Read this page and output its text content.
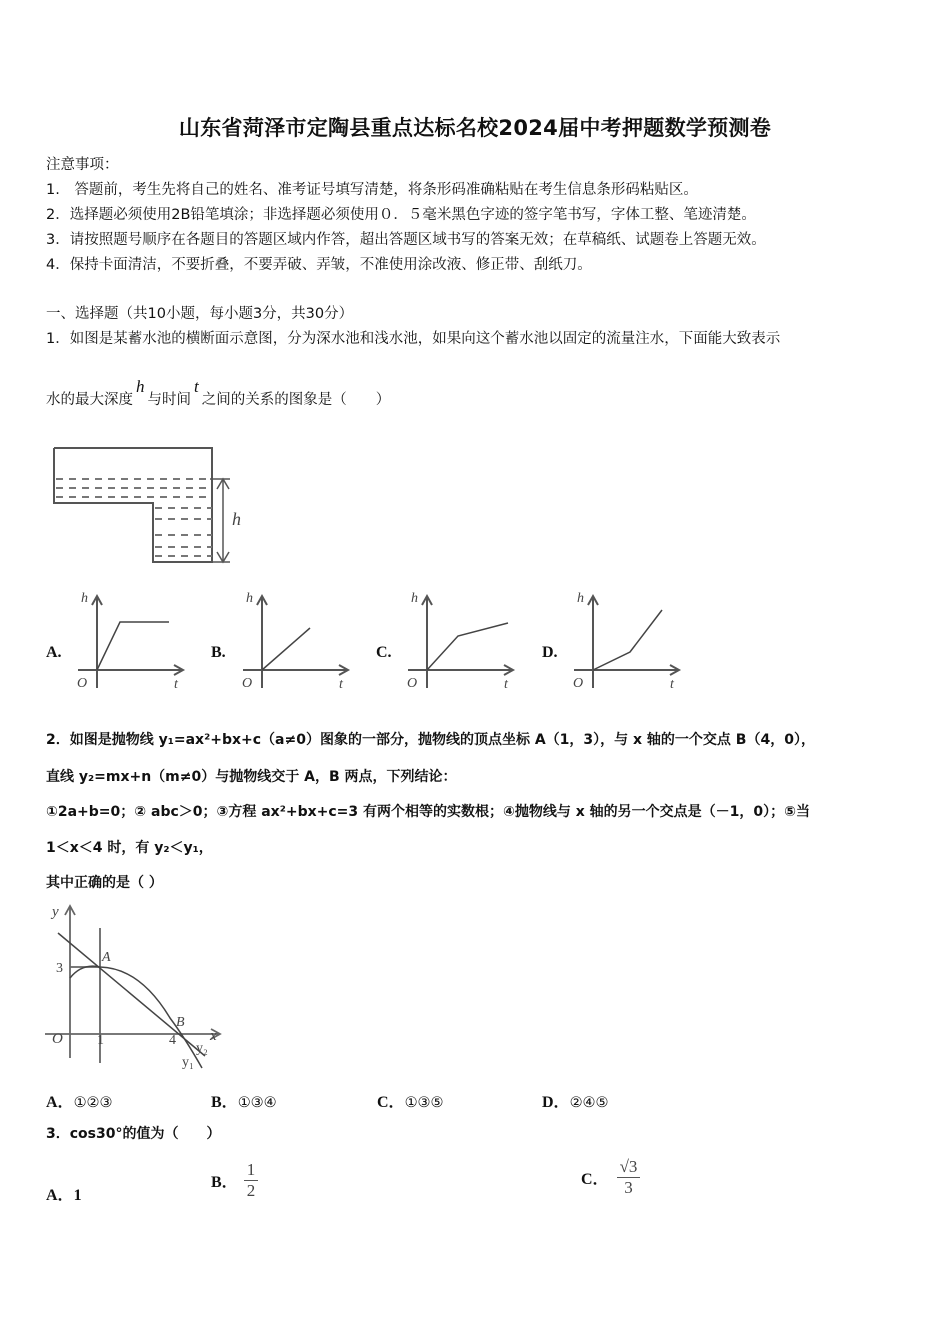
山东省菏泽市定陶县重点达标名校2024届中考押题数学预测卷
注意事项：
1.　答题前，考生先将自己的姓名、准考证号填写清楚，将条形码准确粘贴在考生信息条形码粘贴区。
2．选择题必须使用2B铅笔填涂；非选择题必须使用０．５毫米黑色字迹的签字笔书写，字体工整、笔迹清楚。
3．请按照题号顺序在各题目的答题区域内作答，超出答题区域书写的答案无效；在草稿纸、试题卷上答题无效。
4．保持卡面清洁，不要折叠，不要弄破、弄皱，不准使用涂改液、修正带、刮纸刀。
一、选择题（共10小题，每小题3分，共30分）
1．如图是某蓄水池的横断面示意图，分为深水池和浅水池，如果向这个蓄水池以固定的流量注水，下面能大致表示
水的最大深度h与时间t之间的关系的图象是（　　）
h
A.
h
t
O
B.
h
t
O
C.
h
t
O
D.
h
t
O
2．如图是抛物线 y₁=ax²+bx+c（a≠0）图象的一部分，抛物线的顶点坐标 A（1，3），与 x 轴的一个交点 B（4，0），
直线 y₂=mx+n（m≠0）与抛物线交于 A，B 两点，下列结论：
①2a+b=0；② abc＞0；③方程 ax²+bx+c=3 有两个相等的实数根；④抛物线与 x 轴的另一个交点是（－1，0）；⑤当
1＜x＜4 时，有 y₂＜y₁，
其中正确的是（ ）
y
x
O 1	4
3
A
B
y₂
y₁
A．①②③	B．①③④	C．①③⑤	D．②④⑤
3．cos30°的值为（　　）
A．1
B． $\frac{1}{2}$	C． $\frac{√3}{3}$
